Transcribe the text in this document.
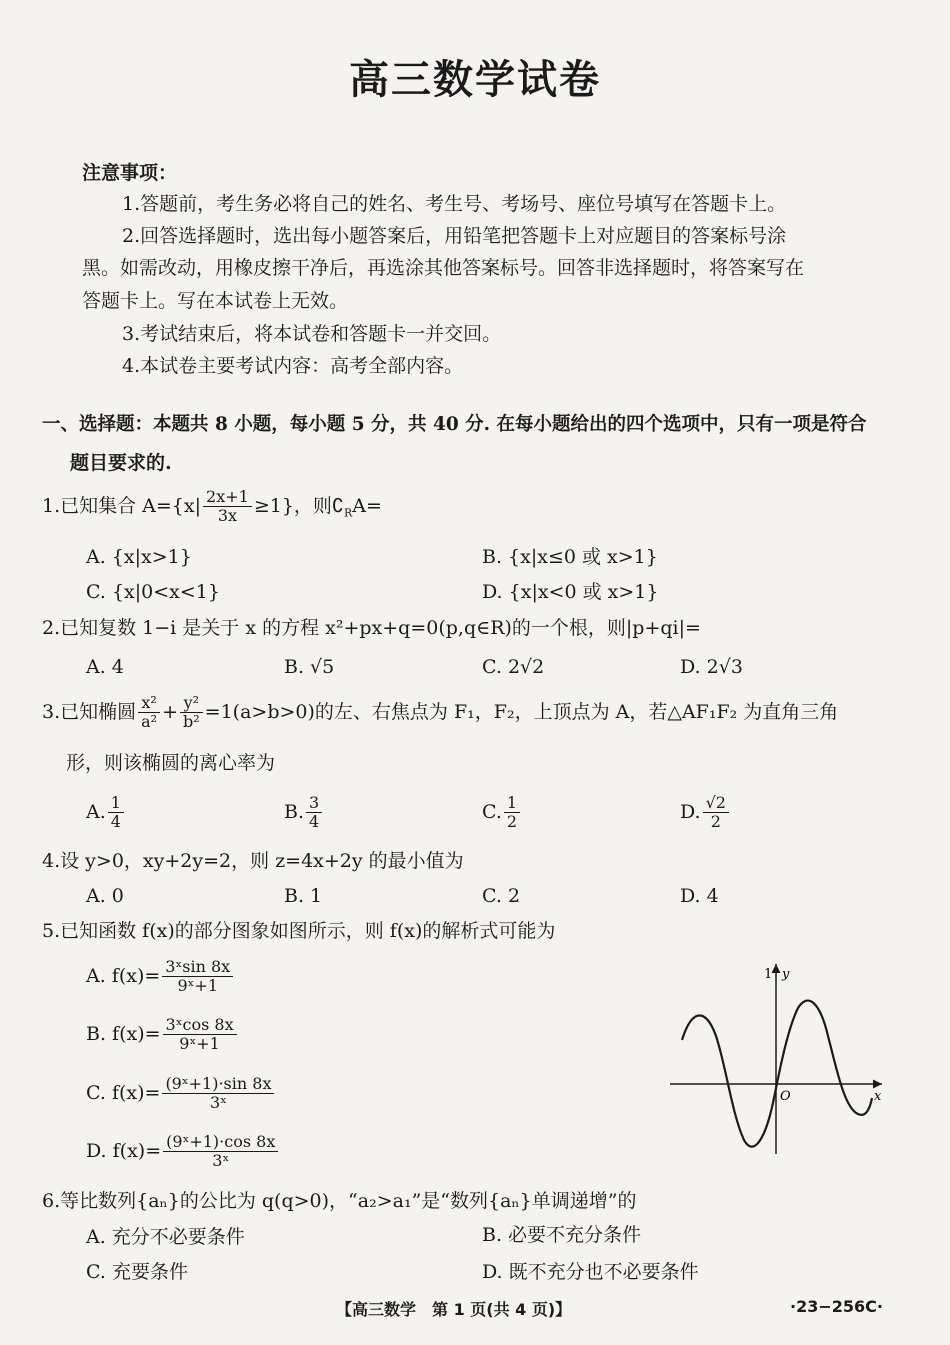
高三数学试卷
注意事项：
1.答题前，考生务必将自己的姓名、考生号、考场号、座位号填写在答题卡上。
2.回答选择题时，选出每小题答案后，用铅笔把答题卡上对应题目的答案标号涂
黑。如需改动，用橡皮擦干净后，再选涂其他答案标号。回答非选择题时，将答案写在
答题卡上。写在本试卷上无效。
3.考试结束后，将本试卷和答题卡一并交回。
4.本试卷主要考试内容：高考全部内容。
一、选择题：本题共 8 小题，每小题 5 分，共 40 分. 在每小题给出的四个选项中，只有一项是符合
题目要求的.
1.已知集合 $A=\{x| \frac{2x+1}{3x} \ge 1\}$，则$∁_RA=$
A. {x|x>1}	B. {x|x≤0 或 x>1}
C. {x|0<x<1}	D. {x|x<0 或 x>1}
2.已知复数 1−i 是关于 x 的方程 x²+px+q=0(p,q∈R)的一个根，则|p+qi|=
A. 4	B. √5	C. 2√2	D. 2√3
3.已知椭圆 $\frac{\text{x²}}{\text{a²}} + \frac{\text{y²}}{\text{b²}} =1(a>b>0)$的左、右焦点为 F₁，F₂，上顶点为 A，若△AF₁F₂ 为直角三角
形，则该椭圆的离心率为
A. $\frac{1}{4}$	B. $\frac{3}{4}$	C. $\frac{1}{2}$	D. $\frac{√2}{2}$
4.设 y>0，xy+2y=2，则 z=4x+2y 的最小值为
A. 0	B. 1	C. 2	D. 4
5.已知函数 f(x)的部分图象如图所示，则 f(x)的解析式可能为
A. $f(x)= \frac{\text{3ˣsin 8x}}{\text{9ˣ+1}}$
B. $f(x)= \frac{\text{3ˣcos 8x}}{\text{9ˣ+1}}$
C. $f(x)= \frac{\text{(9ˣ+1)·sin 8x}}{\text{3ˣ}}$
D. $f(x)= \frac{\text{(9ˣ+1)·cos 8x}}{\text{3ˣ}}$
y
1
O	x
6.等比数列{aₙ}的公比为 q(q>0)，“a₂>a₁”是“数列{aₙ}单调递增”的
A. 充分不必要条件	B. 必要不充分条件
C. 充要条件	D. 既不充分也不必要条件
【高三数学　第 1 页(共 4 页)】	·23−256C·
